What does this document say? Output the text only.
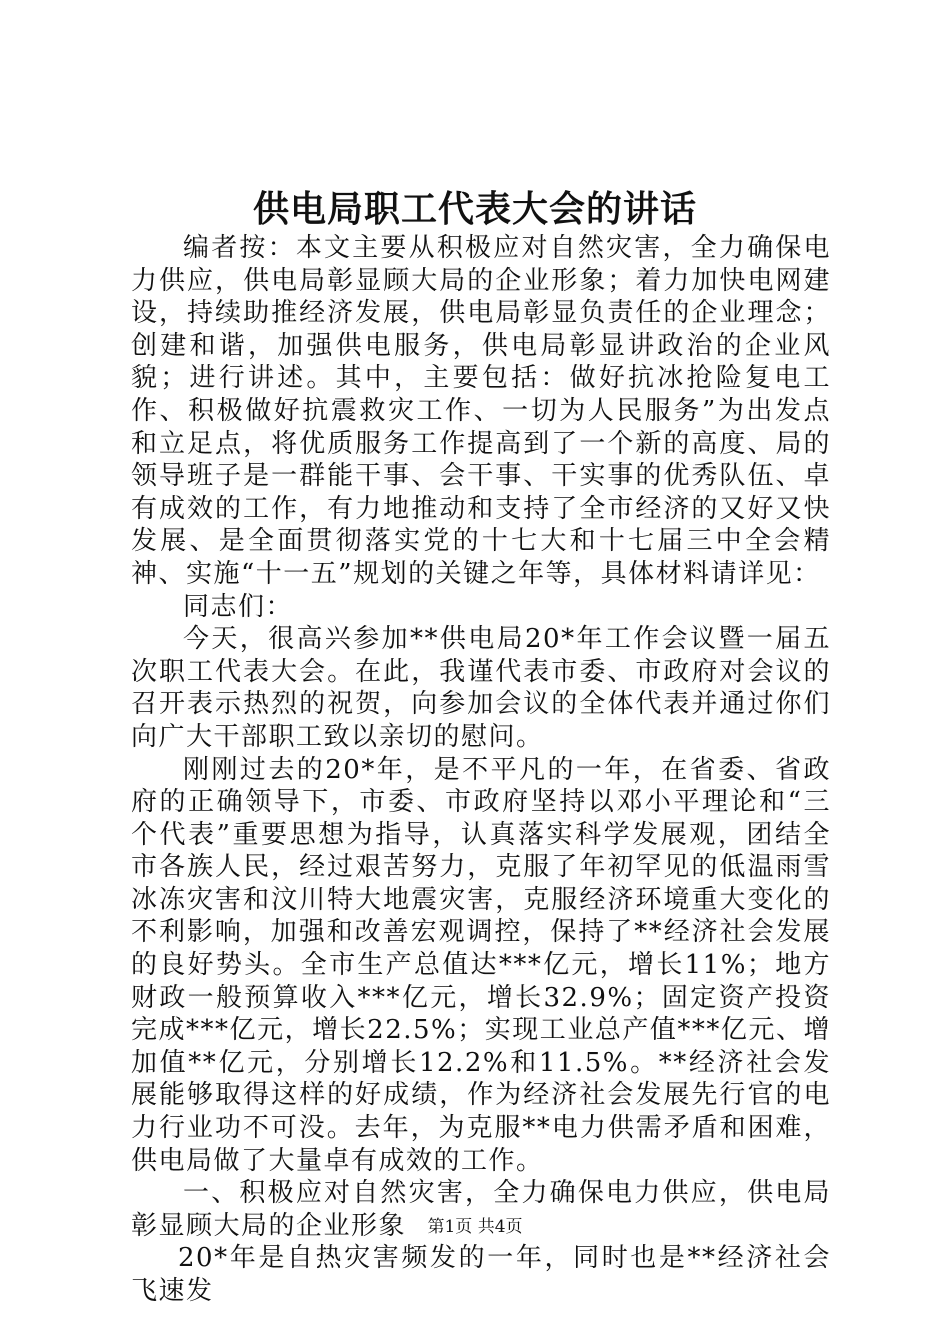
供电局职工代表大会的讲话

编者按：本文主要从积极应对自然灾害，全力确保电力供应，供电局彰显顾大局的企业形象；着力加快电网建设，持续助推经济发展，供电局彰显负责任的企业理念；创建和谐，加强供电服务，供电局彰显讲政治的企业风貌；进行讲述。其中，主要包括：做好抗冰抢险复电工作、积极做好抗震救灾工作、一切为人民服务”为出发点和立足点，将优质服务工作提高到了一个新的高度、局的领导班子是一群能干事、会干事、干实事的优秀队伍、卓有成效的工作，有力地推动和支持了全市经济的又好又快发展、是全面贯彻落实党的十七大和十七届三中全会精神、实施“十一五”规划的关键之年等，具体材料请详见：

同志们：

今天，很高兴参加**供电局20*年工作会议暨一届五次职工代表大会。在此，我谨代表市委、市政府对会议的召开表示热烈的祝贺，向参加会议的全体代表并通过你们向广大干部职工致以亲切的慰问。

刚刚过去的20*年，是不平凡的一年，在省委、省政府的正确领导下，市委、市政府坚持以邓小平理论和“三个代表”重要思想为指导，认真落实科学发展观，团结全市各族人民，经过艰苦努力，克服了年初罕见的低温雨雪冰冻灾害和汶川特大地震灾害，克服经济环境重大变化的不利影响，加强和改善宏观调控，保持了**经济社会发展的良好势头。全市生产总值达***亿元，增长11%；地方财政一般预算收入***亿元，增长32.9%；固定资产投资完成***亿元，增长22.5%；实现工业总产值***亿元、增加值**亿元，分别增长12.2%和11.5%。**经济社会发展能够取得这样的好成绩，作为经济社会发展先行官的电力行业功不可没。去年，为克服**电力供需矛盾和困难，供电局做了大量卓有成效的工作。

一、积极应对自然灾害，全力确保电力供应，供电局彰显顾大局的企业形象

20*年是自热灾害频发的一年，同时也是**经济社会飞速发

第1页 共4页
